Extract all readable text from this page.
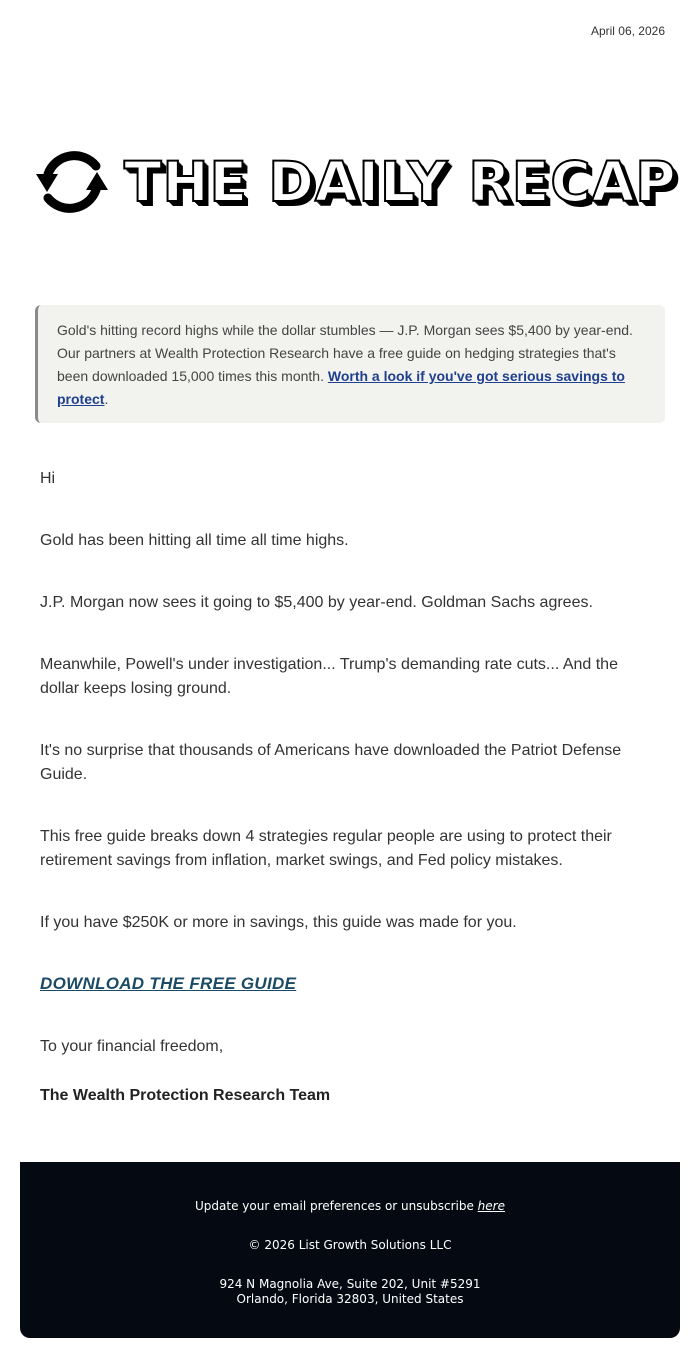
April 06, 2026
THE DAILY RECAP
Gold's hitting record highs while the dollar stumbles — J.P. Morgan sees $5,400 by year-end. Our partners at Wealth Protection Research have a free guide on hedging strategies that's been downloaded 15,000 times this month. Worth a look if you've got serious savings to protect.

Hi

Gold has been hitting all time all time highs.

J.P. Morgan now sees it going to $5,400 by year-end. Goldman Sachs agrees.

Meanwhile, Powell's under investigation... Trump's demanding rate cuts... And the dollar keeps losing ground.

It's no surprise that thousands of Americans have downloaded the Patriot Defense Guide.

This free guide breaks down 4 strategies regular people are using to protect their retirement savings from inflation, market swings, and Fed policy mistakes.

If you have $250K or more in savings, this guide was made for you.

DOWNLOAD THE FREE GUIDE

To your financial freedom,

The Wealth Protection Research Team
Update your email preferences or unsubscribe here
© 2026 List Growth Solutions LLC
924 N Magnolia Ave, Suite 202, Unit #5291
Orlando, Florida 32803, United States
